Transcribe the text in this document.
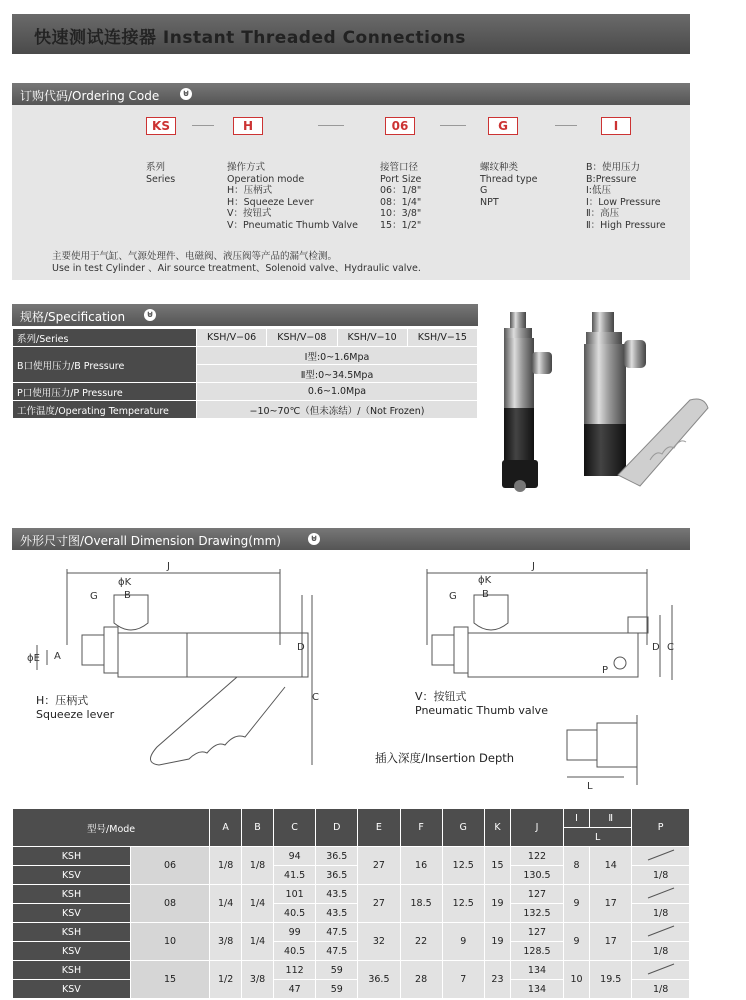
快速测试连接器 Instant Threaded Connections
订购代码/Ordering Code	⊍
KS	H	06	G	I
系列
Series
操作方式
Operation mode
H：压柄式
H：Squeeze Lever
V：按钮式
V：Pneumatic Thumb Valve
接管口径
Port Size
06：1/8"
08：1/4"
10：3/8"
15：1/2"
螺纹种类
Thread type
G
NPT
B：使用压力
B:Pressure
Ⅰ:低压
Ⅰ：Low Pressure
Ⅱ：高压
Ⅱ：High Pressure
主要使用于气缸、气源处理件、电磁阀、液压阀等产品的漏气检测。
Use in test Cylinder 、Air source treatment、Solenoid valve、Hydraulic valve.
规格/Specification ⊍
系列/Series	KSH/V−06	KSH/V−08	KSH/V−10	KSH/V−15
B口使用压力/B Pressure	Ⅰ型:0~1.6Mpa			
	Ⅱ型:0~34.5Mpa			
P口使用压力/P Pressure	0.6~1.0Mpa			
工作温度/Operating Temperature	−10~70℃（但未冻结）/（Not Frozen)			
外形尺寸图/Overall Dimension Drawing(mm)	⊍
J
ϕK
B
G
ϕE A
D
C
J
ϕK
B
G
P
D C
L
H：压柄式
Squeeze lever
V：按钮式
Pneumatic Thumb valve
插入深度/Insertion Depth
型号/Mode		A	B	C	D	E	F	G	K	J	Ⅰ	Ⅱ	P
											L		
KSH	06	1/8	1/8	94	36.5	27	16	12.5	15	122	8	14	
KSV				41.5	36.5					130.5			1/8
KSH	08	1/4	1/4	101	43.5	27	18.5	12.5	19	127	9	17	
KSV				40.5	43.5					132.5			1/8
KSH	10	3/8	1/4	99	47.5	32	22	9	19	127	9	17	
KSV				40.5	47.5					128.5			1/8
KSH	15	1/2	3/8	112	59	36.5	28	7	23	134	10	19.5	
KSV				47	59					134			1/8
